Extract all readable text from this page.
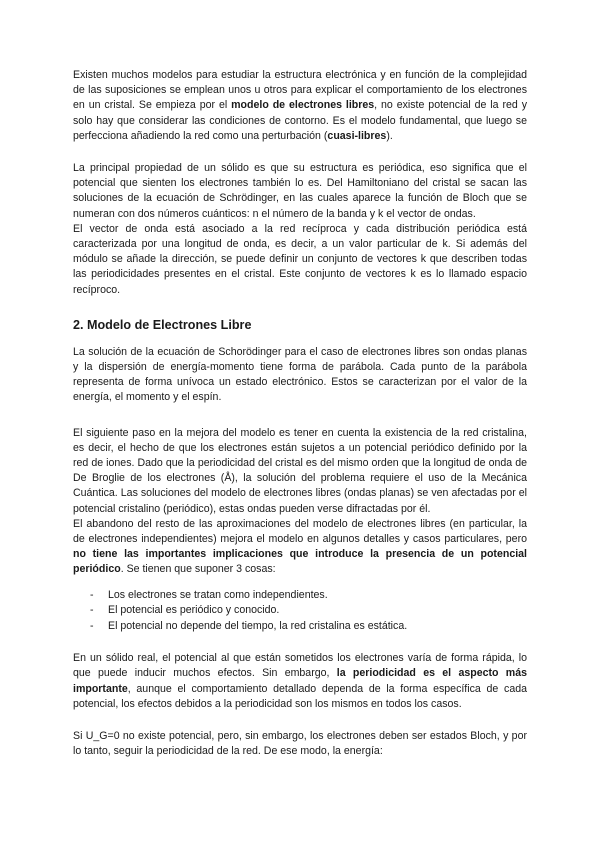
Existen muchos modelos para estudiar la estructura electrónica y en función de la complejidad de las suposiciones se emplean unos u otros para explicar el comportamiento de los electrones en un cristal. Se empieza por el modelo de electrones libres, no existe potencial de la red y solo hay que considerar las condiciones de contorno. Es el modelo fundamental, que luego se perfecciona añadiendo la red como una perturbación (cuasi-libres).

La principal propiedad de un sólido es que su estructura es periódica, eso significa que el potencial que sienten los electrones también lo es. Del Hamiltoniano del cristal se sacan las soluciones de la ecuación de Schrödinger, en las cuales aparece la función de Bloch que se numeran con dos números cuánticos: n el número de la banda y k el vector de ondas.

El vector de onda está asociado a la red recíproca y cada distribución periódica está caracterizada por una longitud de onda, es decir, a un valor particular de k. Si además del módulo se añade la dirección, se puede definir un conjunto de vectores k que describen todas las periodicidades presentes en el cristal. Este conjunto de vectores k es lo llamado espacio recíproco.

2. Modelo de Electrones Libre

La solución de la ecuación de Schorödinger para el caso de electrones libres son ondas planas y la dispersión de energía-momento tiene forma de parábola. Cada punto de la parábola representa de forma unívoca un estado electrónico. Estos se caracterizan por el valor de la energía, el momento y el espín.

El siguiente paso en la mejora del modelo es tener en cuenta la existencia de la red cristalina, es decir, el hecho de que los electrones están sujetos a un potencial periódico definido por la red de iones. Dado que la periodicidad del cristal es del mismo orden que la longitud de onda de De Broglie de los electrones (Å), la solución del problema requiere el uso de la Mecánica Cuántica. Las soluciones del modelo de electrones libres (ondas planas) se ven afectadas por el potencial cristalino (periódico), estas ondas pueden verse difractadas por él.

El abandono del resto de las aproximaciones del modelo de electrones libres (en particular, la de electrones independientes) mejora el modelo en algunos detalles y casos particulares, pero no tiene las importantes implicaciones que introduce la presencia de un potencial periódico. Se tienen que suponer 3 cosas:

- Los electrones se tratan como independientes.
- El potencial es periódico y conocido.
- El potencial no depende del tiempo, la red cristalina es estática.

En un sólido real, el potencial al que están sometidos los electrones varía de forma rápida, lo que puede inducir muchos efectos. Sin embargo, la periodicidad es el aspecto más importante, aunque el comportamiento detallado dependa de la forma específica de cada potencial, los efectos debidos a la periodicidad son los mismos en todos los casos.

Si U_G=0 no existe potencial, pero, sin embargo, los electrones deben ser estados Bloch, y por lo tanto, seguir la periodicidad de la red. De ese modo, la energía:
